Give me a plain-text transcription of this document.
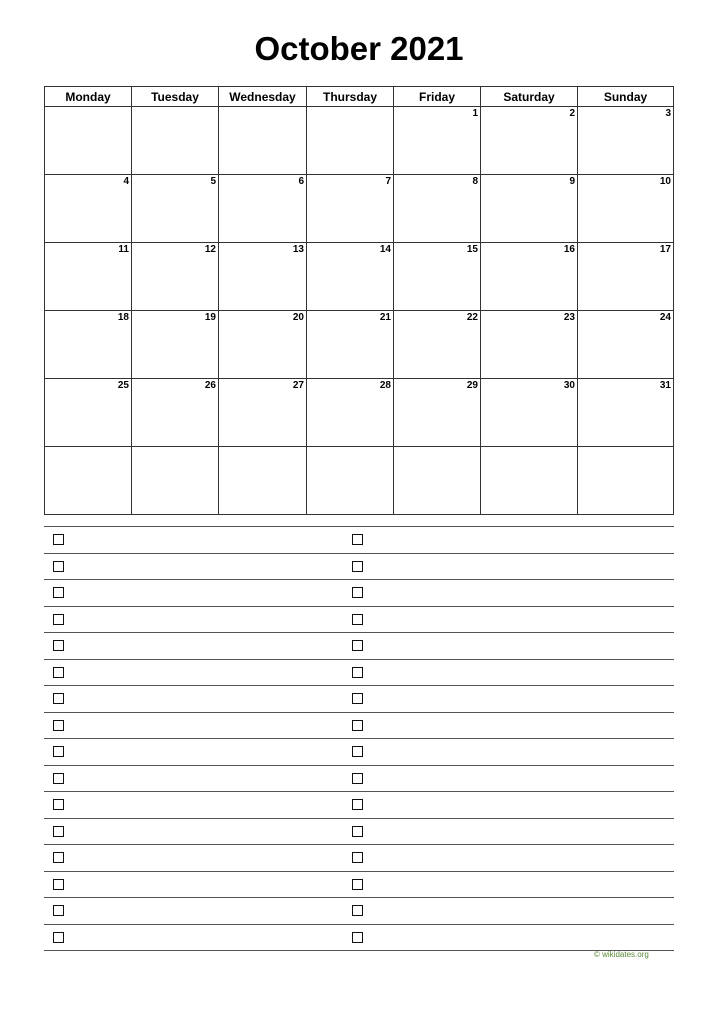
October 2021
Monday	Tuesday	Wednesday	Thursday	Friday	Saturday	Sunday

				1	2	3

4	5	6	7	8	9	10

11	12	13	14	15	16	17

18	19	20	21	22	23	24

25	26	27	28	29	30	31

© wikidates.org
